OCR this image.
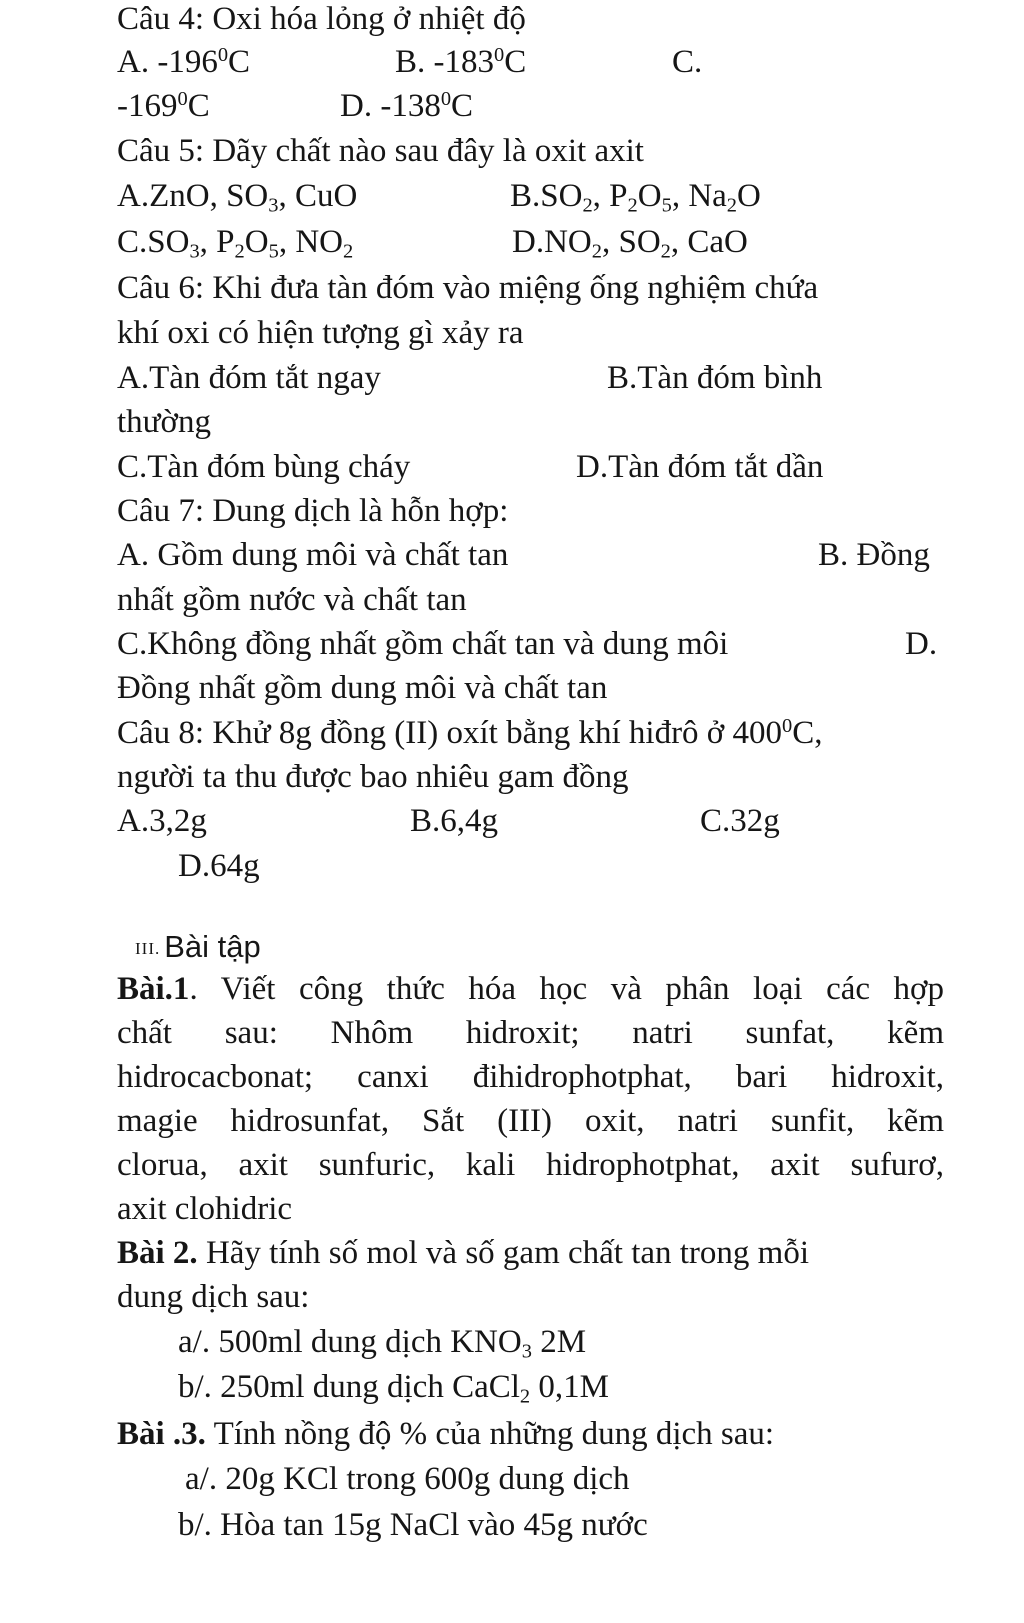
Câu 4: Oxi hóa lỏng ở nhiệt độ
A. $-196^0C$	B. $-183^0C$	C.
$-169^0C$	D. $-138^0C$
Câu 5: Dãy chất nào sau đây là oxit axit
A.ZnO, $SO_3$, CuO	$B.SO_2$, $P_2O_5$, $Na_2O$
$C.SO_3$, $P_2O_5$, $NO_2$	$D.NO_2$, $SO_2$, CaO
Câu 6: Khi đưa tàn đóm vào miệng ống nghiệm chứa
khí oxi có hiện tượng gì xảy ra
A.Tàn đóm tắt ngay	B.Tàn đóm bình
thường
C.Tàn đóm bùng cháy	D.Tàn đóm tắt dần
Câu 7: Dung dịch là hỗn hợp:
A. Gồm dung môi và chất tan	B. Đồng
nhất gồm nước và chất tan
C.Không đồng nhất gồm chất tan và dung môi	D.
Đồng nhất gồm dung môi và chất tan
Câu 8: Khử 8g đồng (II) oxít bằng khí hiđrô ở $400^0C$,
người ta thu được bao nhiêu gam đồng
A.3,2g	B.6,4g	C.32g
D.64g
III. Bài tập
Bài.1. Viết công thức hóa học và phân loại các hợp
chất sau: Nhôm hidroxit; natri sunfat, kẽm
hidrocacbonat; canxi đihidrophotphat, bari hidroxit,
magie hidrosunfat, Sắt (III) oxit, natri sunfit, kẽm
clorua, axit sunfuric, kali hidrophotphat, axit sufurơ,
axit clohidric
Bài 2. Hãy tính số mol và số gam chất tan trong mỗi
dung dịch sau:
a/. 500ml dung dịch $KNO_3$ 2M
b/. 250ml dung dịch CaCl$_2$ 0,1M
Bài .3. Tính nồng độ % của những dung dịch sau:
a/. 20g KCl trong 600g dung dịch
b/. Hòa tan 15g NaCl vào 45g nước
